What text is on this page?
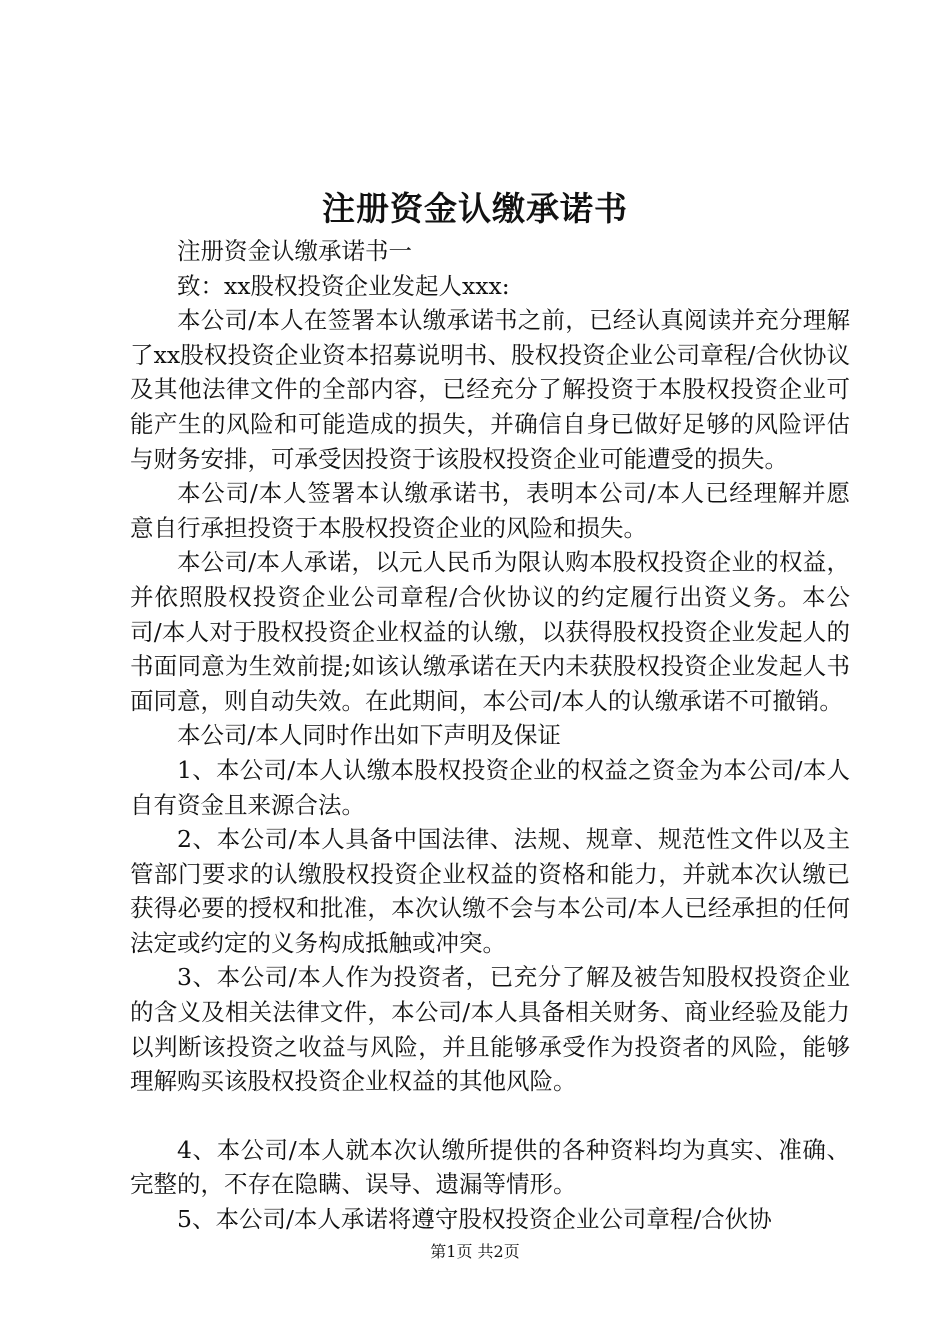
注册资金认缴承诺书

注册资金认缴承诺书一

致：xx股权投资企业发起人xxx:

本公司/本人在签署本认缴承诺书之前，已经认真阅读并充分理解了xx股权投资企业资本招募说明书、股权投资企业公司章程/合伙协议及其他法律文件的全部内容，已经充分了解投资于本股权投资企业可能产生的风险和可能造成的损失，并确信自身已做好足够的风险评估与财务安排，可承受因投资于该股权投资企业可能遭受的损失。

本公司/本人签署本认缴承诺书，表明本公司/本人已经理解并愿意自行承担投资于本股权投资企业的风险和损失。

本公司/本人承诺，以元人民币为限认购本股权投资企业的权益，并依照股权投资企业公司章程/合伙协议的约定履行出资义务。本公司/本人对于股权投资企业权益的认缴，以获得股权投资企业发起人的书面同意为生效前提;如该认缴承诺在天内未获股权投资企业发起人书面同意，则自动失效。在此期间，本公司/本人的认缴承诺不可撤销。

本公司/本人同时作出如下声明及保证

1、本公司/本人认缴本股权投资企业的权益之资金为本公司/本人自有资金且来源合法。

2、本公司/本人具备中国法律、法规、规章、规范性文件以及主管部门要求的认缴股权投资企业权益的资格和能力，并就本次认缴已获得必要的授权和批准，本次认缴不会与本公司/本人已经承担的任何法定或约定的义务构成抵触或冲突。

3、本公司/本人作为投资者，已充分了解及被告知股权投资企业的含义及相关法律文件，本公司/本人具备相关财务、商业经验及能力以判断该投资之收益与风险，并且能够承受作为投资者的风险，能够理解购买该股权投资企业权益的其他风险。

4、本公司/本人就本次认缴所提供的各种资料均为真实、准确、完整的，不存在隐瞒、误导、遗漏等情形。

5、本公司/本人承诺将遵守股权投资企业公司章程/合伙协

第1页 共2页
